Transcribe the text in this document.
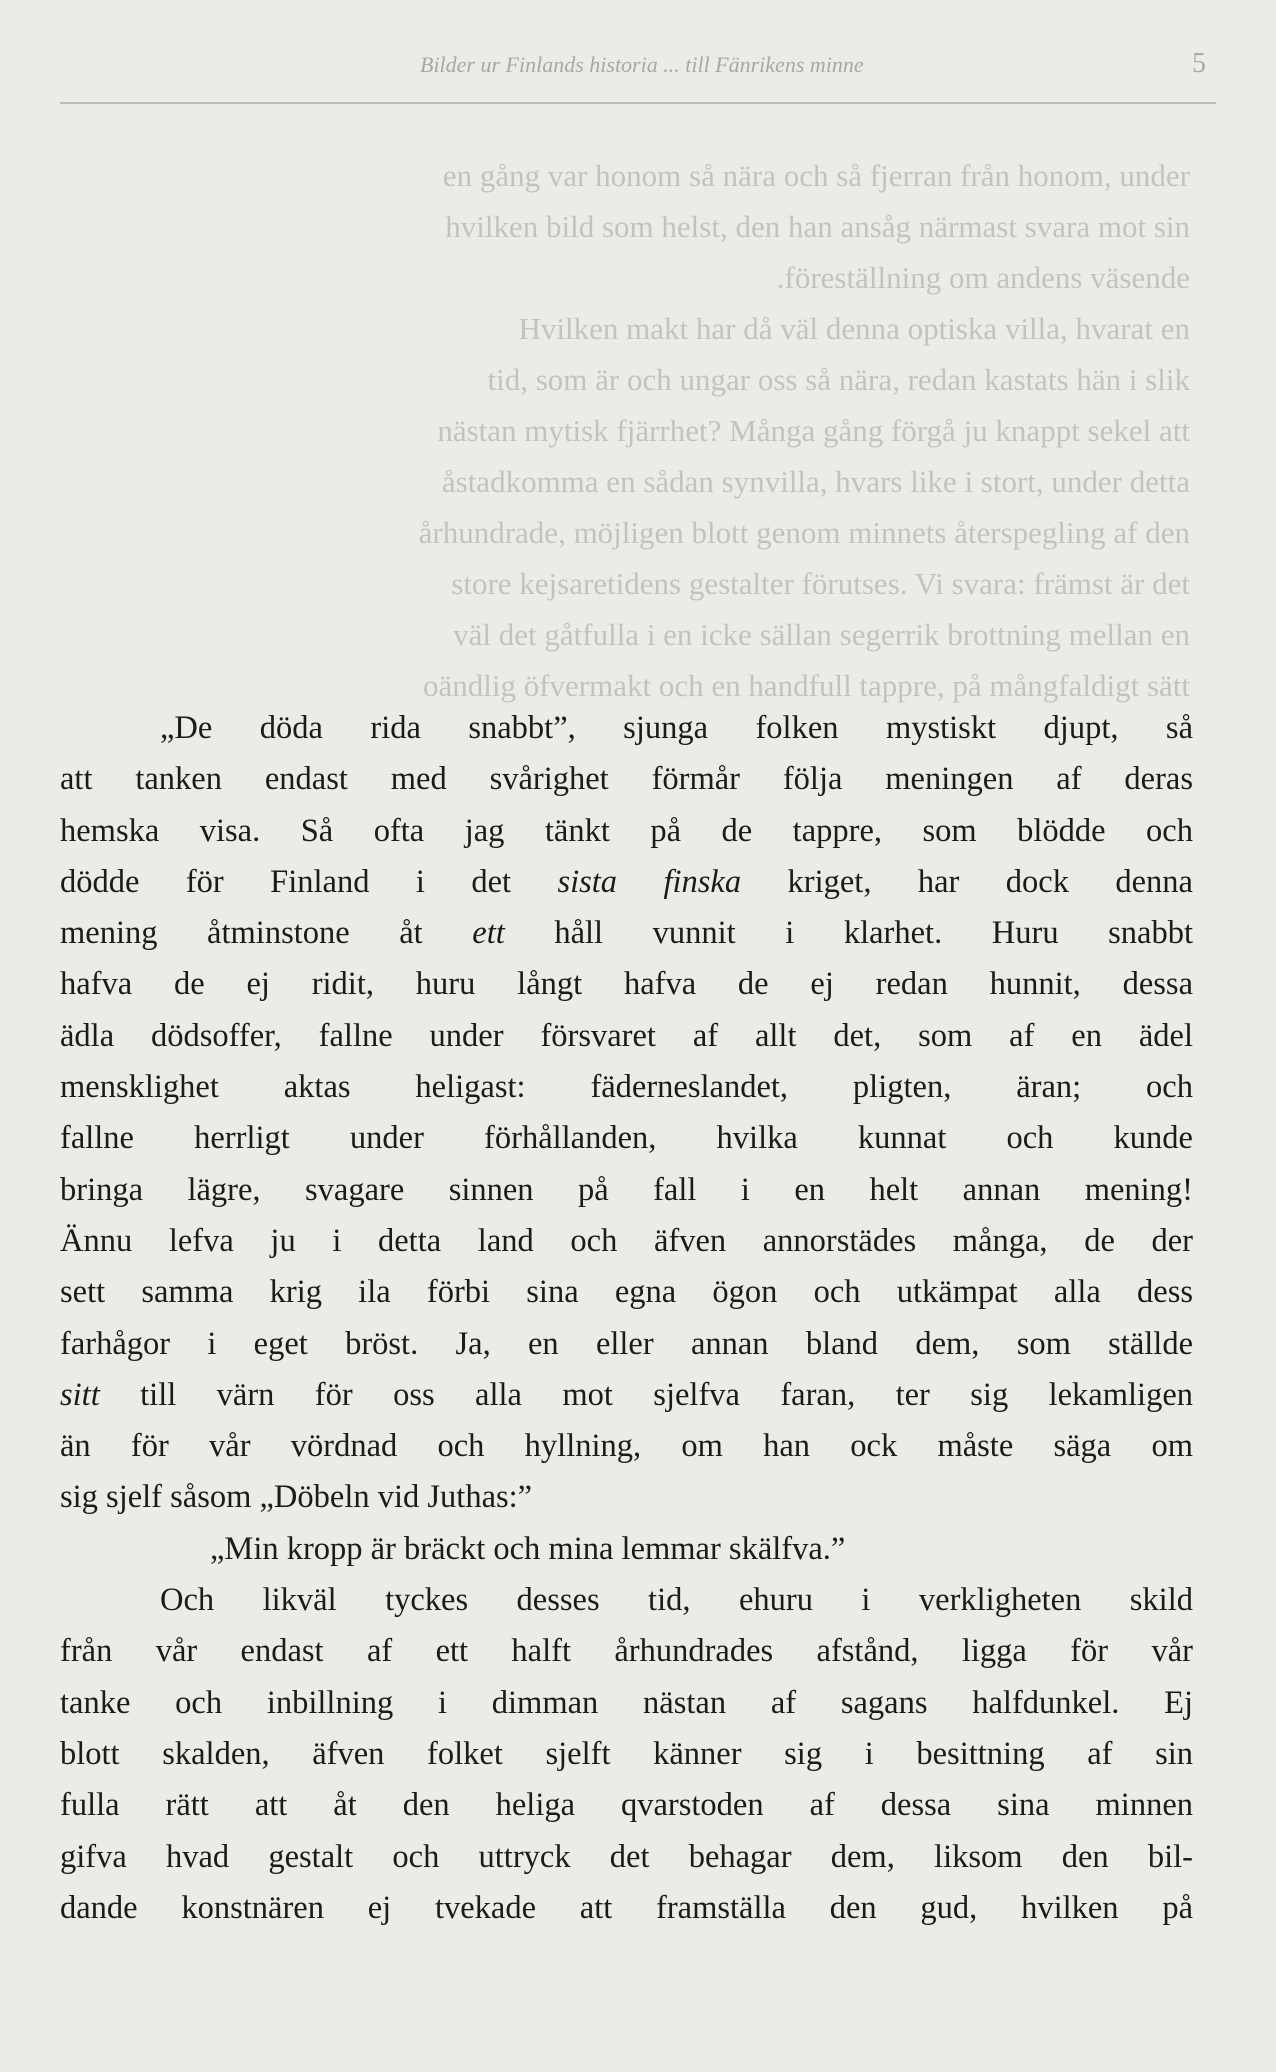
Bilder ur Finlands historia ... till Fänrikens minne	5
en gång var honom så nära och så fjerran från honom, under
hvilken bild som helst, den han ansåg närmast svara mot sin
föreställning om andens väsende.
Hvilken makt har då väl denna optiska villa, hvarat en
tid, som är och ungar oss så nära, redan kastats hän i slik
nästan mytisk fjärrhet? Många gång förgå ju knappt sekel att
åstadkomma en sådan synvilla, hvars like i stort, under detta
århundrade, möjligen blott genom minnets återspegling af den
store kejsaretidens gestalter förutses. Vi svara: främst är det
väl det gåtfulla i en icke sällan segerrik brottning mellan en
oändlig öfvermakt och en handfull tappre, på mångfaldigt sätt
„De döda rida snabbt”, sjunga folken mystiskt djupt, så
att tanken endast med svårighet förmår följa meningen af deras
hemska visa. Så ofta jag tänkt på de tappre, som blödde och
dödde för Finland i det sista finska kriget, har dock denna
mening åtminstone åt ett håll vunnit i klarhet. Huru snabbt
hafva de ej ridit, huru långt hafva de ej redan hunnit, dessa
ädla dödsoffer, fallne under försvaret af allt det, som af en ädel
mensklighet aktas heligast: fäderneslandet, pligten, äran; och
fallne herrligt under förhållanden, hvilka kunnat och kunde
bringa lägre, svagare sinnen på fall i en helt annan mening!
Ännu lefva ju i detta land och äfven annorstädes många, de der
sett samma krig ila förbi sina egna ögon och utkämpat alla dess
farhågor i eget bröst. Ja, en eller annan bland dem, som ställde
sitt till värn för oss alla mot sjelfva faran, ter sig lekamligen
än för vår vördnad och hyllning, om han ock måste säga om
sig sjelf såsom „Döbeln vid Juthas:”
„Min kropp är bräckt och mina lemmar skälfva.”
Och likväl tyckes desses tid, ehuru i verkligheten skild
från vår endast af ett halft århundrades afstånd, ligga för vår
tanke och inbillning i dimman nästan af sagans halfdunkel. Ej
blott skalden, äfven folket sjelft känner sig i besittning af sin
fulla rätt att åt den heliga qvarstoden af dessa sina minnen
gifva hvad gestalt och uttryck det behagar dem, liksom den bil-
dande konstnären ej tvekade att framställa den gud, hvilken på
